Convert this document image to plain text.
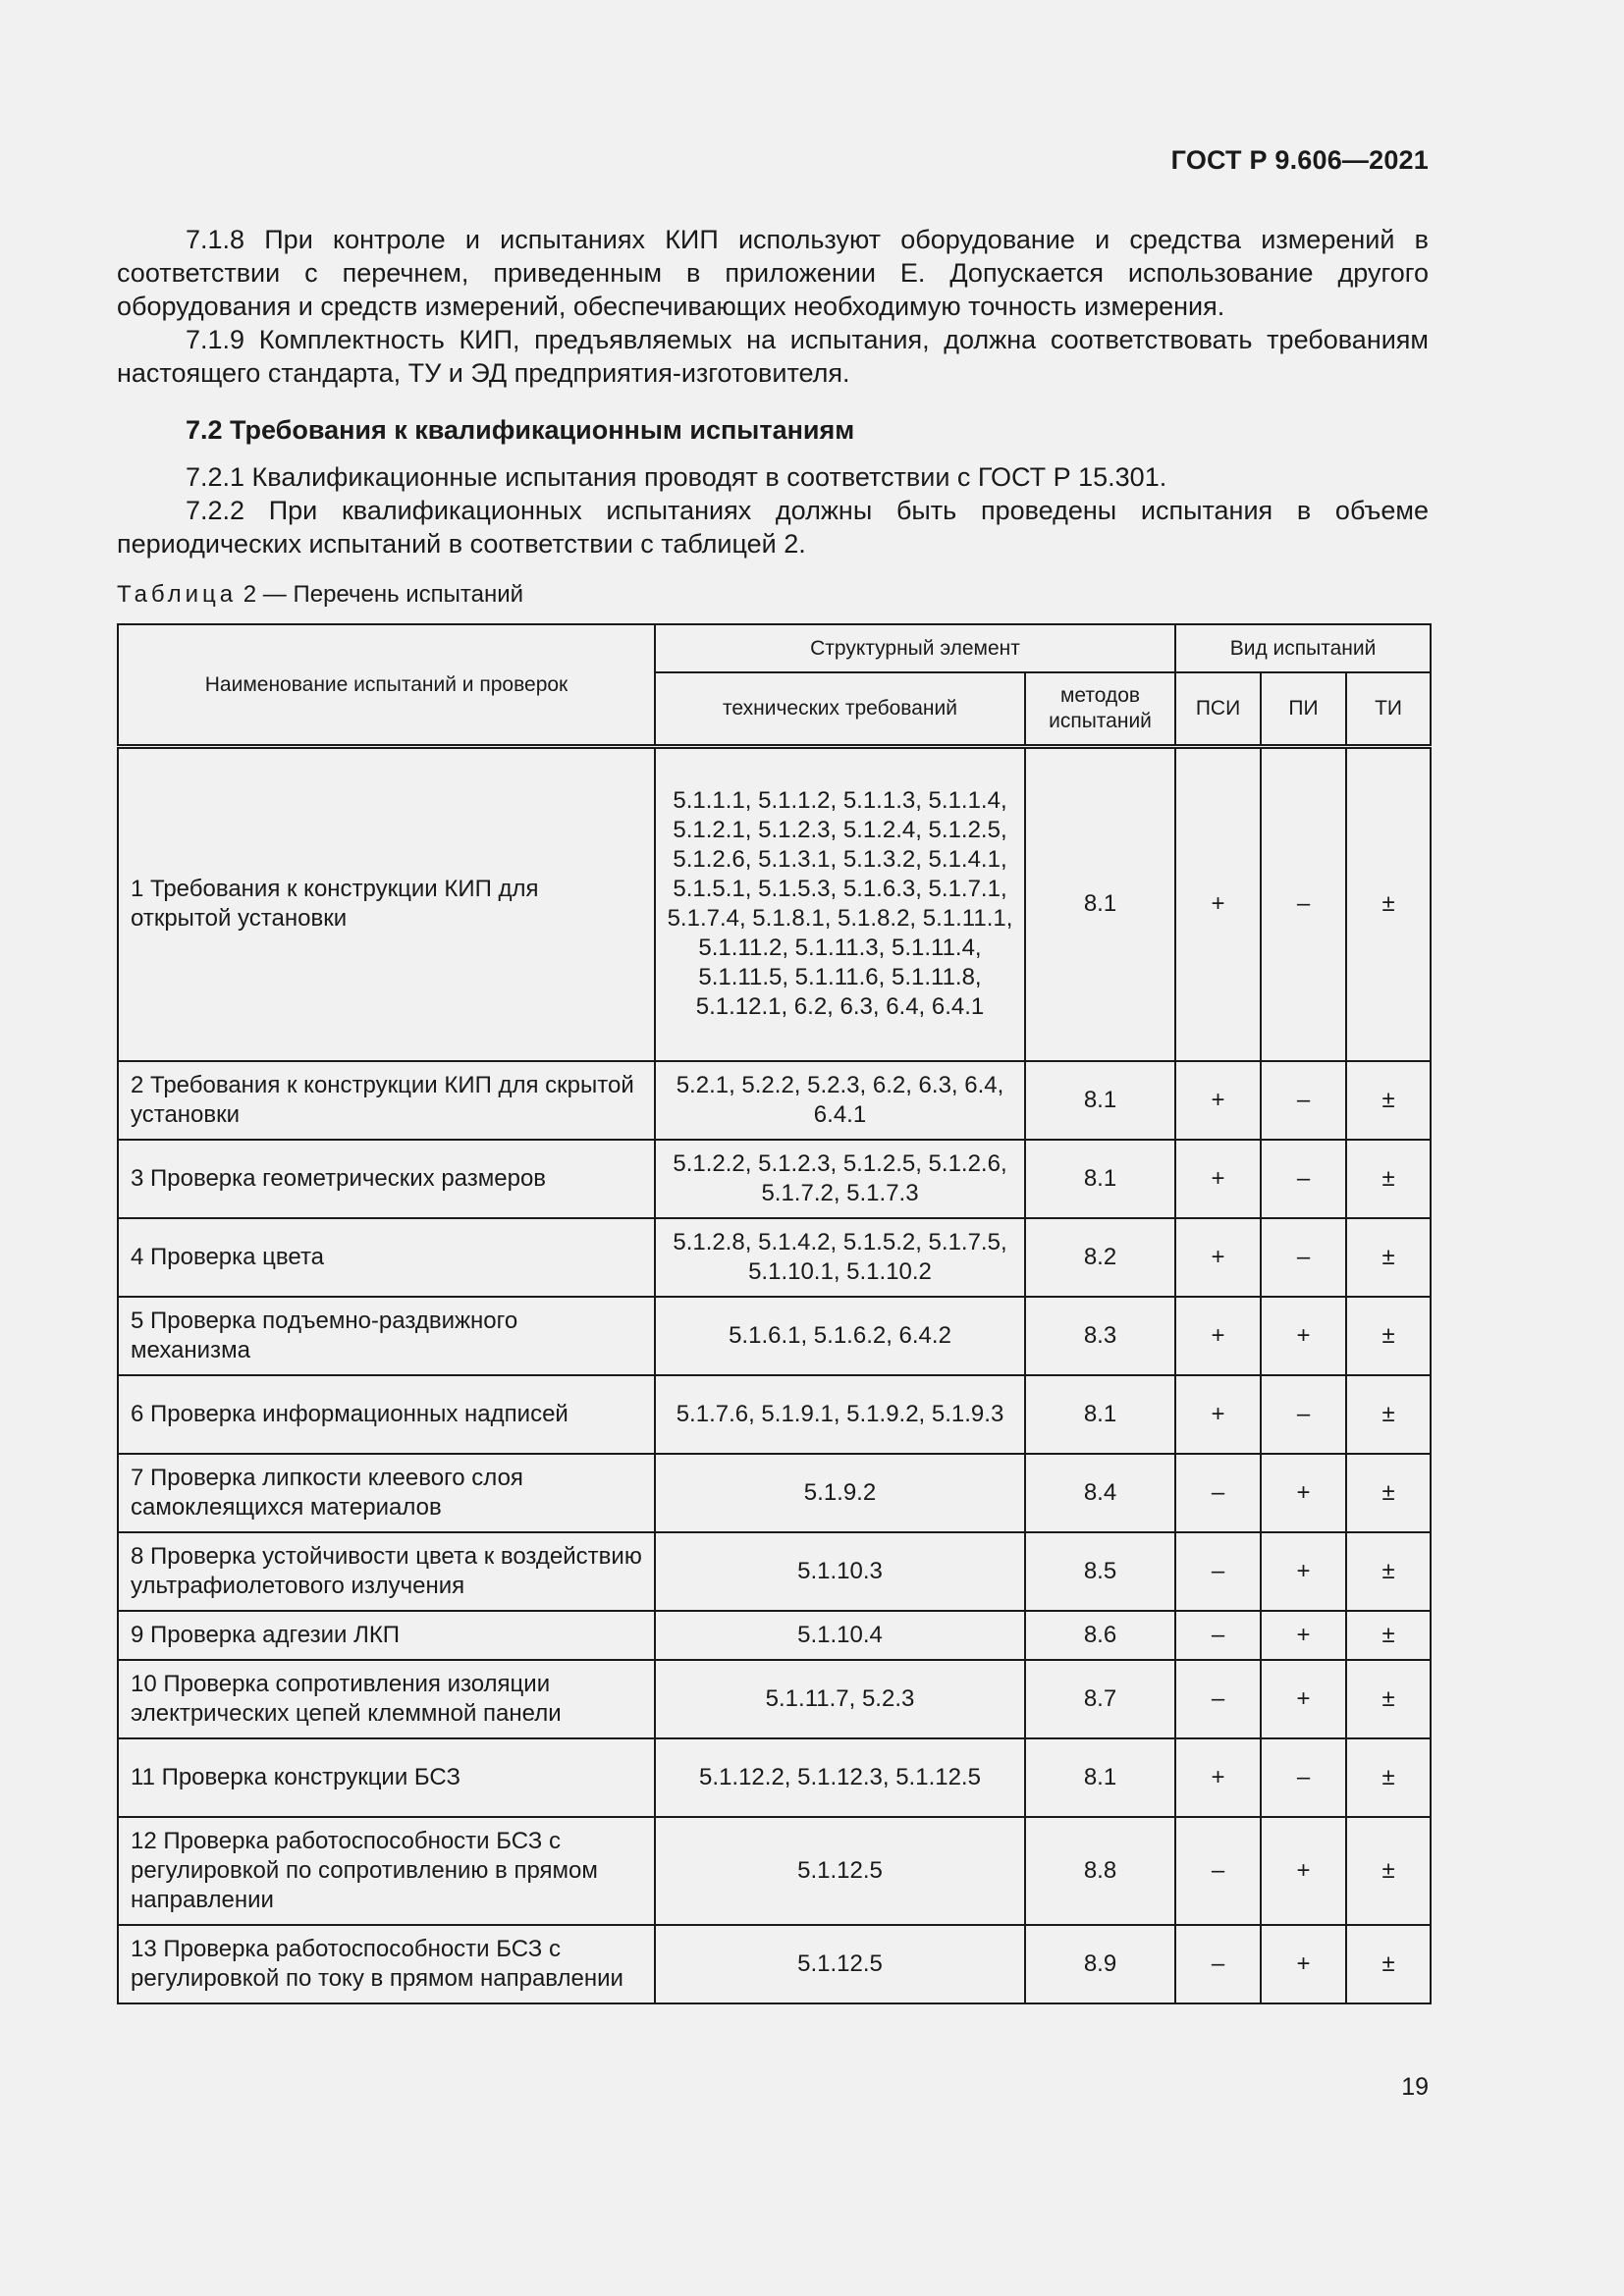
ГОСТ Р 9.606—2021

7.1.8 При контроле и испытаниях КИП используют оборудование и средства измерений в соответствии с перечнем, приведенным в приложении Е. Допускается использование другого оборудования и средств измерений, обеспечивающих необходимую точность измерения.

7.1.9 Комплектность КИП, предъявляемых на испытания, должна соответствовать требованиям настоящего стандарта, ТУ и ЭД предприятия-изготовителя.

7.2 Требования к квалификационным испытаниям

7.2.1 Квалификационные испытания проводят в соответствии с ГОСТ Р 15.301.

7.2.2 При квалификационных испытаниях должны быть проведены испытания в объеме периодических испытаний в соответствии с таблицей 2.

Таблица 2 — Перечень испытаний
Наименование испытаний и проверок	Структурный элемент		Вид испытаний		
	технических требований	методов испытаний	ПСИ	ПИ	ТИ
1 Требования к конструкции КИП для открытой установки	5.1.1.1, 5.1.1.2, 5.1.1.3, 5.1.1.4, 5.1.2.1, 5.1.2.3, 5.1.2.4, 5.1.2.5, 5.1.2.6, 5.1.3.1, 5.1.3.2, 5.1.4.1, 5.1.5.1, 5.1.5.3, 5.1.6.3, 5.1.7.1, 5.1.7.4, 5.1.8.1, 5.1.8.2, 5.1.11.1, 5.1.11.2, 5.1.11.3, 5.1.11.4, 5.1.11.5, 5.1.11.6, 5.1.11.8, 5.1.12.1, 6.2, 6.3, 6.4, 6.4.1	8.1	+	–	±
2 Требования к конструкции КИП для скрытой установки	5.2.1, 5.2.2, 5.2.3, 6.2, 6.3, 6.4, 6.4.1	8.1	+	–	±
3 Проверка геометрических размеров	5.1.2.2, 5.1.2.3, 5.1.2.5, 5.1.2.6, 5.1.7.2, 5.1.7.3	8.1	+	–	±
4 Проверка цвета	5.1.2.8, 5.1.4.2, 5.1.5.2, 5.1.7.5, 5.1.10.1, 5.1.10.2	8.2	+	–	±
5 Проверка подъемно-раздвижного механизма	5.1.6.1, 5.1.6.2, 6.4.2	8.3	+	+	±
6 Проверка информационных надписей	5.1.7.6, 5.1.9.1, 5.1.9.2, 5.1.9.3	8.1	+	–	±
7 Проверка липкости клеевого слоя самоклеящихся материалов	5.1.9.2	8.4	–	+	±
8 Проверка устойчивости цвета к воздействию ультрафиолетового излучения	5.1.10.3	8.5	–	+	±
9 Проверка адгезии ЛКП	5.1.10.4	8.6	–	+	±
10 Проверка сопротивления изоляции электрических цепей клеммной панели	5.1.11.7, 5.2.3	8.7	–	+	±
11 Проверка конструкции БСЗ	5.1.12.2, 5.1.12.3, 5.1.12.5	8.1	+	–	±
12 Проверка работоспособности БСЗ с регулировкой по сопротивлению в прямом направлении	5.1.12.5	8.8	–	+	±
13 Проверка работоспособности БСЗ с регулировкой по току в прямом направлении	5.1.12.5	8.9	–	+	±
19
